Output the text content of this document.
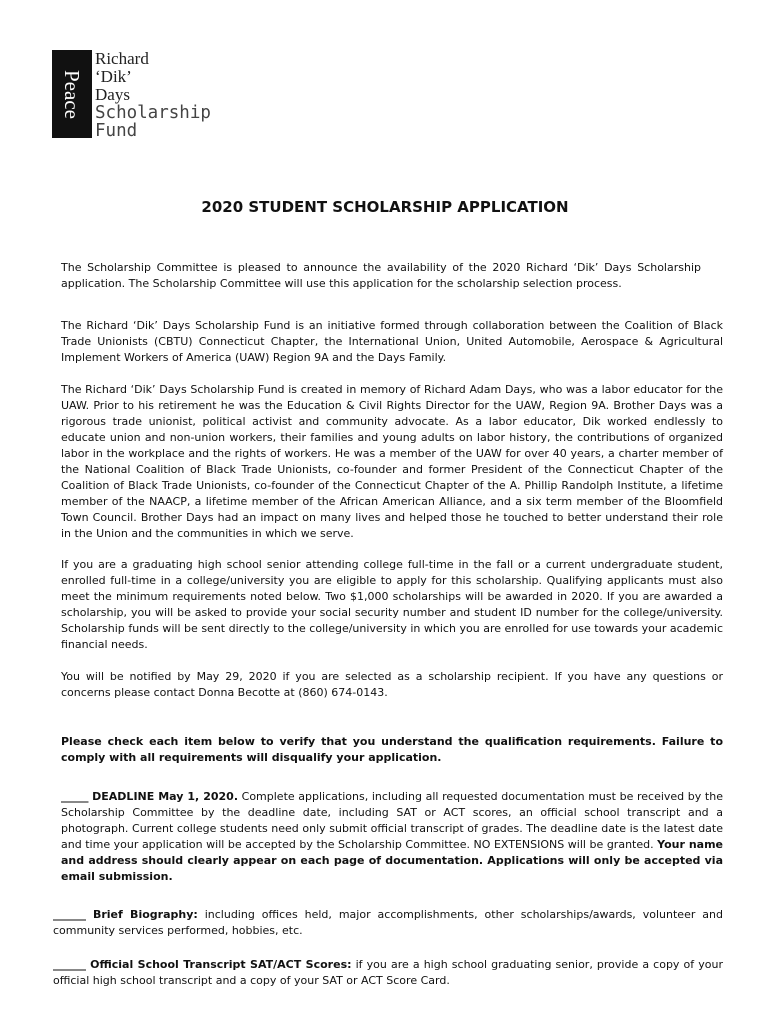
Peace
Richard
‘Dik’
Days
Scholarship
Fund
2020 STUDENT SCHOLARSHIP APPLICATION

The Scholarship Committee is pleased to announce the availability of the 2020 Richard ‘Dik’ Days Scholarship application. The Scholarship Committee will use this application for the scholarship selection process.

The Richard ‘Dik’ Days Scholarship Fund is an initiative formed through collaboration between the Coalition of Black Trade Unionists (CBTU) Connecticut Chapter, the International Union, United Automobile, Aerospace & Agricultural Implement Workers of America (UAW) Region 9A and the Days Family.

The Richard ‘Dik’ Days Scholarship Fund is created in memory of Richard Adam Days, who was a labor educator for the UAW. Prior to his retirement he was the Education & Civil Rights Director for the UAW, Region 9A. Brother Days was a rigorous trade unionist, political activist and community advocate. As a labor educator, Dik worked endlessly to educate union and non-union workers, their families and young adults on labor history, the contributions of organized labor in the workplace and the rights of workers. He was a member of the UAW for over 40 years, a charter member of the National Coalition of Black Trade Unionists, co-founder and former President of the Connecticut Chapter of the Coalition of Black Trade Unionists, co-founder of the Connecticut Chapter of the A. Phillip Randolph Institute, a lifetime member of the NAACP, a lifetime member of the African American Alliance, and a six term member of the Bloomfield Town Council. Brother Days had an impact on many lives and helped those he touched to better understand their role in the Union and the communities in which we serve.

If you are a graduating high school senior attending college full-time in the fall or a current undergraduate student, enrolled full-time in a college/university you are eligible to apply for this scholarship. Qualifying applicants must also meet the minimum requirements noted below. Two $1,000 scholarships will be awarded in 2020. If you are awarded a scholarship, you will be asked to provide your social security number and student ID number for the college/university. Scholarship funds will be sent directly to the college/university in which you are enrolled for use towards your academic financial needs.

You will be notified by May 29, 2020 if you are selected as a scholarship recipient. If you have any questions or concerns please contact Donna Becotte at (860) 674-0143.

Please check each item below to verify that you understand the qualification requirements. Failure to comply with all requirements will disqualify your application.

_____ DEADLINE May 1, 2020. Complete applications, including all requested documentation must be received by the Scholarship Committee by the deadline date, including SAT or ACT scores, an official school transcript and a photograph. Current college students need only submit official transcript of grades. The deadline date is the latest date and time your application will be accepted by the Scholarship Committee. NO EXTENSIONS will be granted. Your name and address should clearly appear on each page of documentation. Applications will only be accepted via email submission.

______ Brief Biography: including offices held, major accomplishments, other scholarships/awards, volunteer and community services performed, hobbies, etc.

______ Official School Transcript SAT/ACT Scores: if you are a high school graduating senior, provide a copy of your official high school transcript and a copy of your SAT or ACT Score Card.
